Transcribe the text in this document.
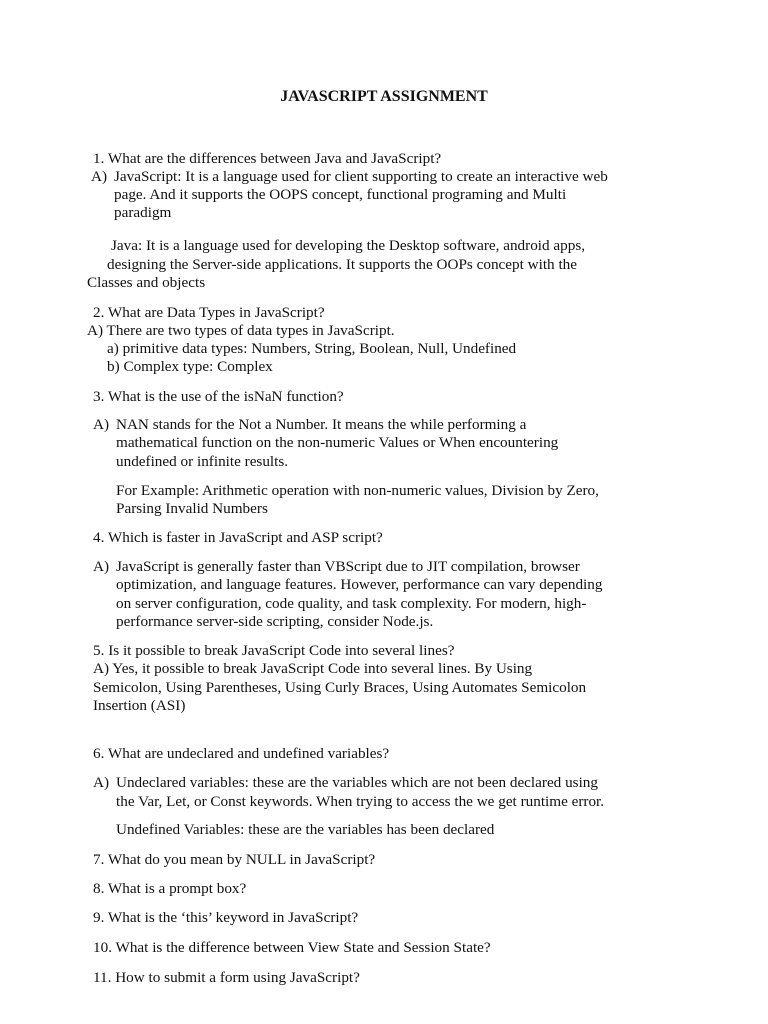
JAVASCRIPT ASSIGNMENT
1. What are the differences between Java and JavaScript?
A) JavaScript: It is a language used for client supporting to create an interactive web
page. And it supports the OOPS concept, functional programing and Multi
paradigm
Java: It is a language used for developing the Desktop software, android apps,
designing the Server-side applications. It supports the OOPs concept with the
Classes and objects
2. What are Data Types in JavaScript?
A) There are two types of data types in JavaScript.
a) primitive data types: Numbers, String, Boolean, Null, Undefined
b) Complex type: Complex
3. What is the use of the isNaN function?
A) NAN stands for the Not a Number. It means the while performing a
mathematical function on the non-numeric Values or When encountering
undefined or infinite results.
For Example: Arithmetic operation with non-numeric values, Division by Zero,
Parsing Invalid Numbers
4. Which is faster in JavaScript and ASP script?
A) JavaScript is generally faster than VBScript due to JIT compilation, browser
optimization, and language features. However, performance can vary depending
on server configuration, code quality, and task complexity. For modern, high-
performance server-side scripting, consider Node.js.
5. Is it possible to break JavaScript Code into several lines?
A) Yes, it possible to break JavaScript Code into several lines. By Using
Semicolon, Using Parentheses, Using Curly Braces, Using Automates Semicolon
Insertion (ASI)
6. What are undeclared and undefined variables?
A) Undeclared variables: these are the variables which are not been declared using
the Var, Let, or Const keywords. When trying to access the we get runtime error.
Undefined Variables: these are the variables has been declared
7. What do you mean by NULL in JavaScript?
8. What is a prompt box?
9. What is the ‘this’ keyword in JavaScript?
10. What is the difference between View State and Session State?
11. How to submit a form using JavaScript?
